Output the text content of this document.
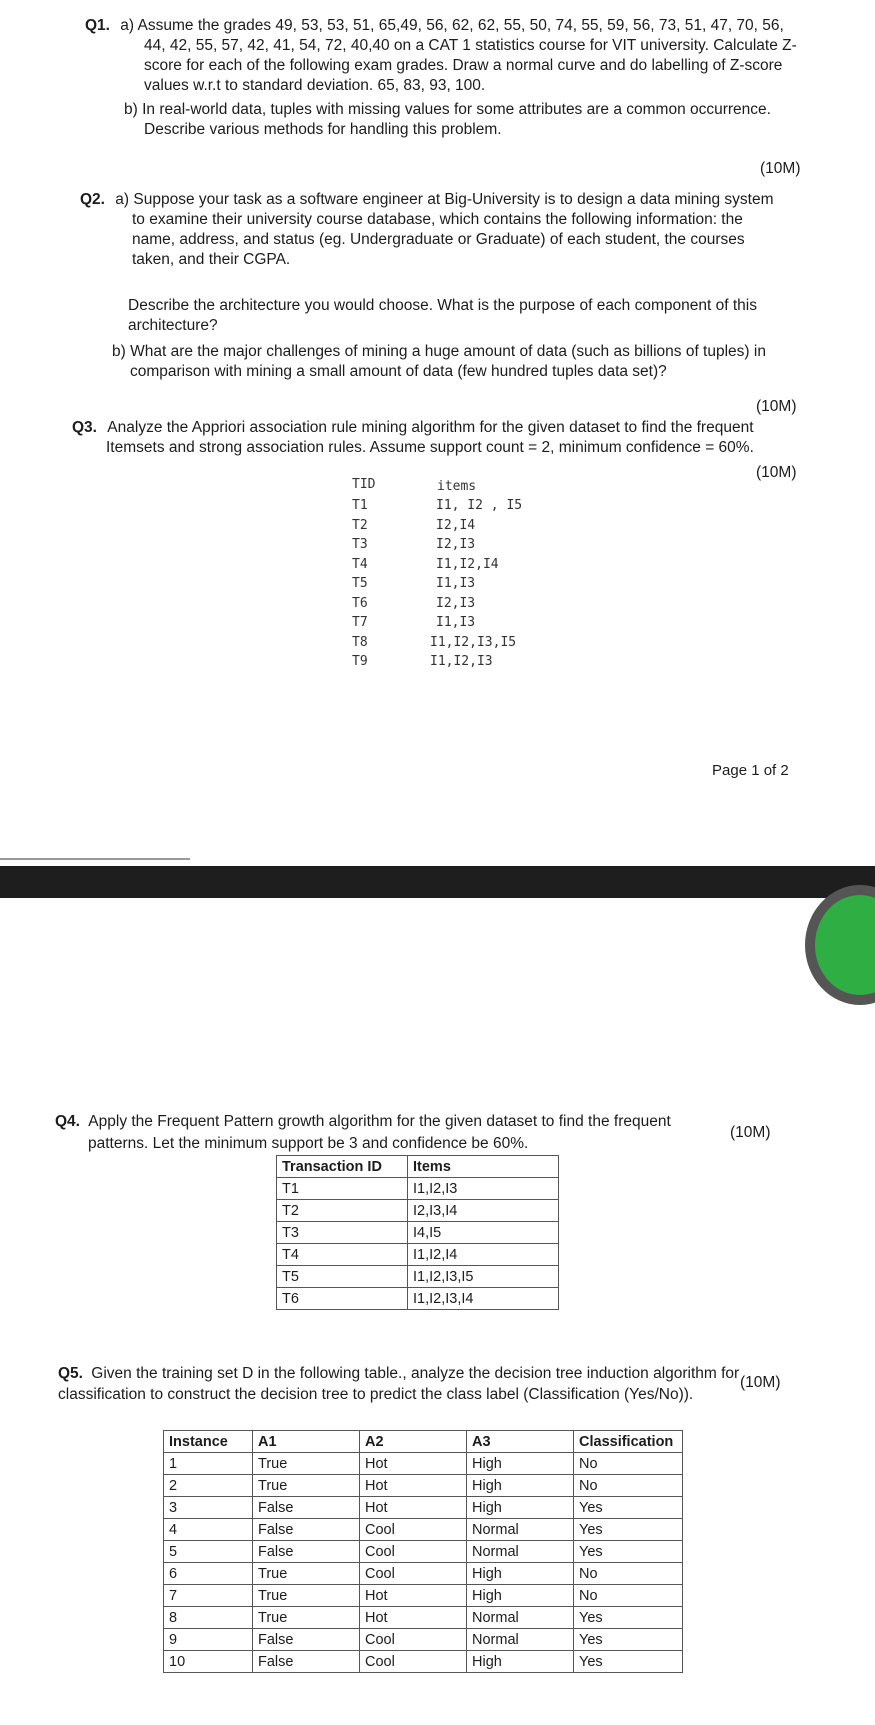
Q1. a) Assume the grades 49, 53, 53, 51, 65,49, 56, 62, 62, 55, 50, 74, 55, 59, 56, 73, 51, 47, 70, 56,
44, 42, 55, 57, 42, 41, 54, 72, 40,40 on a CAT 1 statistics course for VIT university. Calculate Z-
score for each of the following exam grades. Draw a normal curve and do labelling of Z-score
values w.r.t to standard deviation. 65, 83, 93, 100.
b) In real-world data, tuples with missing values for some attributes are a common occurrence.
Describe various methods for handling this problem.
(10M)
Q2. a) Suppose your task as a software engineer at Big-University is to design a data mining system
to examine their university course database, which contains the following information: the
name, address, and status (eg. Undergraduate or Graduate) of each student, the courses
taken, and their CGPA.
Describe the architecture you would choose. What is the purpose of each component of this
architecture?
b) What are the major challenges of mining a huge amount of data (such as billions of tuples) in
comparison with mining a small amount of data (few hundred tuples data set)?
(10M)
Q3. Analyze the Appriori association rule mining algorithm for the given dataset to find the frequent
Itemsets and strong association rules. Assume support count = 2, minimum confidence = 60%.
(10M)
TID	items
T1	I1, I2 , I5
T2	I2,I4
T3	I2,I3
T4	I1,I2,I4
T5	I1,I3
T6	I2,I3
T7	I1,I3
T8	I1,I2,I3,I5
T9	I1,I2,I3
Page 1 of 2
Q4. Apply the Frequent Pattern growth algorithm for the given dataset to find the frequent
patterns. Let the minimum support be 3 and confidence be 60%.
(10M)
Transaction ID	Items
T1	I1,I2,I3
T2	I2,I3,I4
T3	I4,I5
T4	I1,I2,I4
T5	I1,I2,I3,I5
T6	I1,I2,I3,I4
Q5. Given the training set D in the following table., analyze the decision tree induction algorithm for
classification to construct the decision tree to predict the class label (Classification (Yes/No)).
(10M)
Instance	A1	A2	A3	Classification
1	True	Hot	High	No
2	True	Hot	High	No
3	False	Hot	High	Yes
4	False	Cool	Normal	Yes
5	False	Cool	Normal	Yes
6	True	Cool	High	No
7	True	Hot	High	No
8	True	Hot	Normal	Yes
9	False	Cool	Normal	Yes
10	False	Cool	High	Yes
